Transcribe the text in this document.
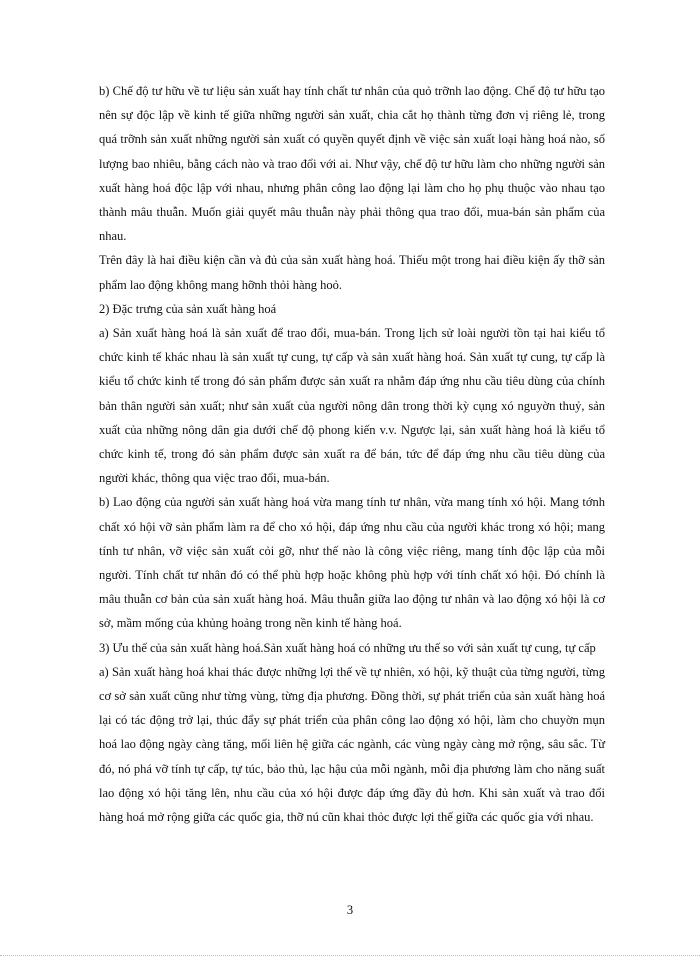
b) Chế độ tư hữu về tư liệu sản xuất hay tính chất tư nhân của quỏ trỡnh lao động. Chế độ tư hữu tạo nên sự độc lập về kinh tế giữa những người sản xuất, chia cắt họ thành từng đơn vị riêng lẻ, trong quá trỡnh sản xuất những người sản xuất có quyền quyết định về việc sản xuất loại hàng hoá nào, số lượng bao nhiêu, bằng cách nào và trao đổi với ai. Như vậy, chế độ tư hữu làm cho những người sản xuất hàng hoá độc lập với nhau, nhưng phân công lao động lại làm cho họ phụ thuộc vào nhau tạo thành mâu thuẫn. Muốn giải quyết mâu thuẫn này phải thông qua trao đổi, mua-bán sản phẩm của nhau.

Trên đây là hai điều kiện cần và đủ của sản xuất hàng hoá. Thiếu một trong hai điều kiện ấy thỡ sản phẩm lao động không mang hỡnh thỏi hàng hoỏ.

2) Đặc trưng của sản xuất hàng hoá

a) Sản xuất hàng hoá là sản xuất để trao đổi, mua-bán. Trong lịch sử loài người tồn tại hai kiểu tổ chức kinh tế khác nhau là sản xuất tự cung, tự cấp và sản xuất hàng hoá. Sản xuất tự cung, tự cấp là kiểu tổ chức kinh tế trong đó sản phẩm được sản xuất ra nhằm đáp ứng nhu cầu tiêu dùng của chính bản thân người sản xuất; như sản xuất của người nông dân trong thời kỳ cụng xó nguyờn thuỷ, sản xuất của những nông dân gia dưới chế độ phong kiến v.v. Ngược lại, sản xuất hàng hoá là kiểu tổ chức kinh tế, trong đó sản phẩm được sản xuất ra để bán, tức để đáp ứng nhu cầu tiêu dùng của người khác, thông qua việc trao đổi, mua-bán.

b) Lao động của người sản xuất hàng hoá vừa mang tính tư nhân, vừa mang tính xó hội. Mang tớnh chất xó hội vỡ sản phẩm làm ra để cho xó hội, đáp ứng nhu cầu của người khác trong xó hội; mang tính tư nhân, vỡ việc sản xuất cỏi gỡ, như thế nào là công việc riêng, mang tính độc lập của mỗi người. Tính chất tư nhân đó có thể phù hợp hoặc không phù hợp với tính chất xó hội. Đó chính là mâu thuẫn cơ bản của sản xuất hàng hoá. Mâu thuẫn giữa lao động tư nhân và lao động xó hội là cơ sở, mầm mống của khủng hoảng trong nền kinh tế hàng hoá.

3) Ưu thế của sản xuất hàng hoá.Sản xuất hàng hoá có những ưu thế so với sản xuất tự cung, tự cấp

a) Sản xuất hàng hoá khai thác được những lợi thế về tự nhiên, xó hội, kỹ thuật của từng người, từng cơ sở sản xuất cũng như từng vùng, từng địa phương. Đồng thời, sự phát triển của sản xuất hàng hoá lại có tác động trở lại, thúc đẩy sự phát triển của phân công lao động xó hội, làm cho chuyờn mụn hoá lao động ngày càng tăng, mối liên hệ giữa các ngành, các vùng ngày càng mở rộng, sâu sắc. Từ đó, nó phá vỡ tính tự cấp, tự túc, bảo thủ, lạc hậu của mỗi ngành, mỗi địa phương làm cho năng suất lao động xó hội tăng lên, nhu cầu của xó hội được đáp ứng đầy đủ hơn. Khi sản xuất và trao đổi hàng hoá mở rộng giữa các quốc gia, thỡ nú cũn khai thỏc được lợi thế giữa các quốc gia với nhau.

3
